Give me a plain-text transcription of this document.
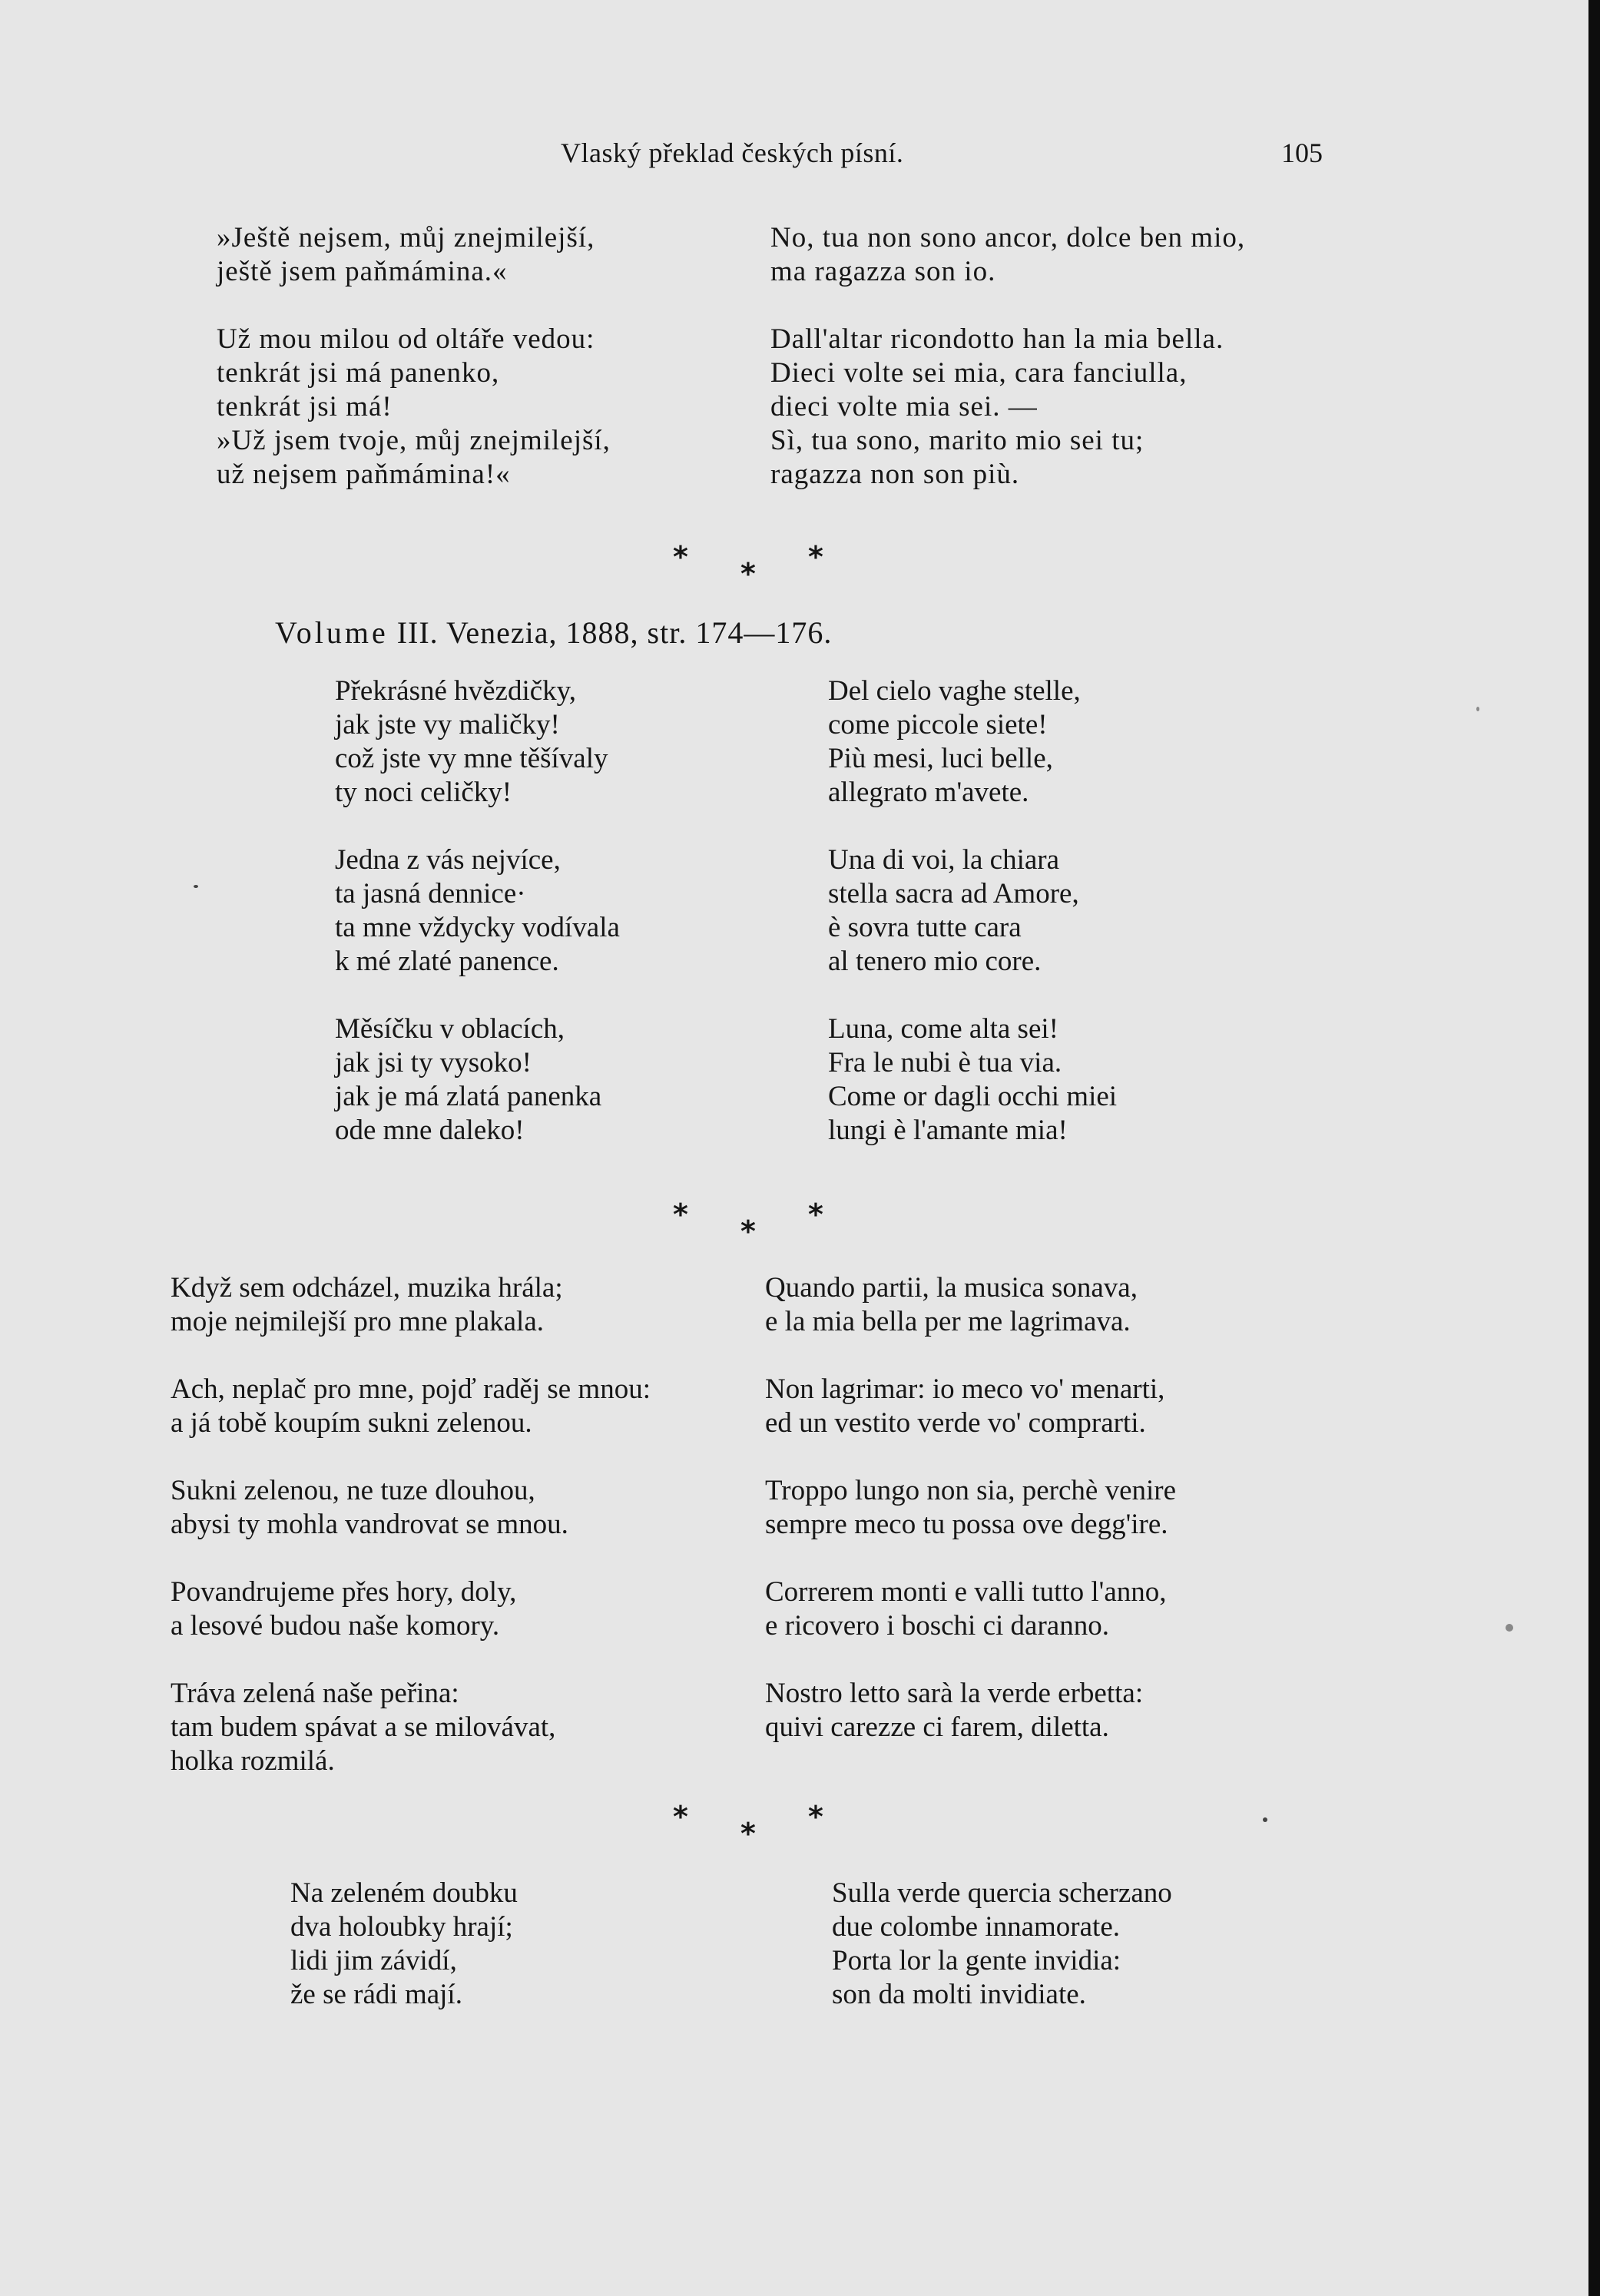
Vlaský překlad českých písní.	105
»Ještě nejsem, můj znejmilejší,
ještě jsem paňmámina.«
Už mou milou od oltáře vedou:
tenkrát jsi má panenko,
tenkrát jsi má!
»Už jsem tvoje, můj znejmilejší,
už nejsem paňmámina!«
No, tua non sono ancor, dolce ben mio,
ma ragazza son io.
Dall'altar ricondotto han la mia bella.
Dieci volte sei mia, cara fanciulla,
dieci volte mia sei. —
Sì, tua sono, marito mio sei tu;
ragazza non son più.
* * *
Volume III. Venezia, 1888, str. 174—176.
Překrásné hvězdičky,
jak jste vy maličky!
což jste vy mne těšívaly
ty noci celičky!
Jedna z vás nejvíce,
ta jasná dennice·
ta mne vždycky vodívala
k mé zlaté panence.
Měsíčku v oblacích,
jak jsi ty vysoko!
jak je má zlatá panenka
ode mne daleko!
Del cielo vaghe stelle,
come piccole siete!
Più mesi, luci belle,
allegrato m'avete.
Una di voi, la chiara
stella sacra ad Amore,
è sovra tutte cara
al tenero mio core.
Luna, come alta sei!
Fra le nubi è tua via.
Come or dagli occhi miei
lungi è l'amante mia!
* * *
Když sem odcházel, muzika hrála;
moje nejmilejší pro mne plakala.
Ach, neplač pro mne, pojď raděj se mnou:
a já tobě koupím sukni zelenou.
Sukni zelenou, ne tuze dlouhou,
abysi ty mohla vandrovat se mnou.
Povandrujeme přes hory, doly,
a lesové budou naše komory.
Tráva zelená naše peřina:
tam budem spávat a se milovávat,
holka rozmilá.
Quando partii, la musica sonava,
e la mia bella per me lagrimava.
Non lagrimar: io meco vo' menarti,
ed un vestito verde vo' comprarti.
Troppo lungo non sia, perchè venire
sempre meco tu possa ove degg'ire.
Correrem monti e valli tutto l'anno,
e ricovero i boschi ci daranno.
Nostro letto sarà la verde erbetta:
quivi carezze ci farem, diletta.
* * *
Na zeleném doubku
dva holoubky hrají;
lidi jim závidí,
že se rádi mají.
Sulla verde quercia scherzano
due colombe innamorate.
Porta lor la gente invidia:
son da molti invidiate.
